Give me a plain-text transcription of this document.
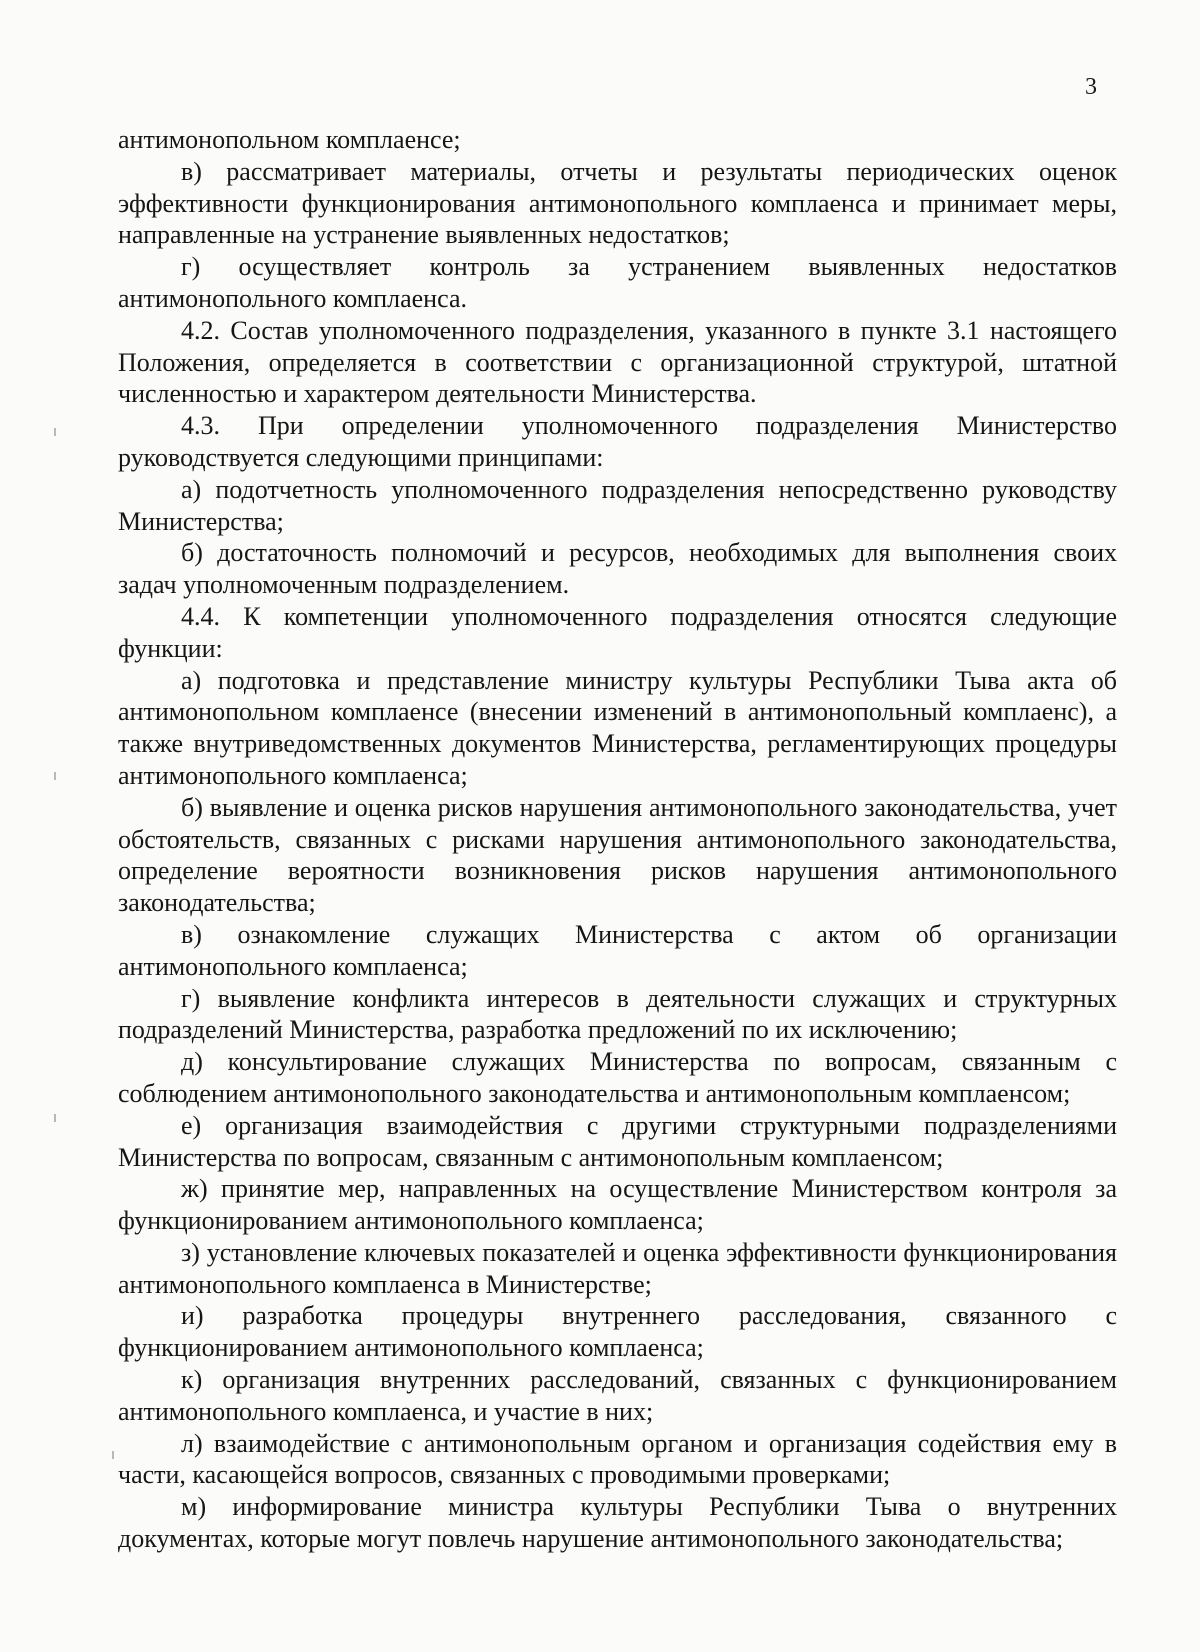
3

антимонопольном комплаенсе;

в) рассматривает материалы, отчеты и результаты периодических оценок эффективности функционирования антимонопольного комплаенса и принимает меры, направленные на устранение выявленных недостатков;

г) осуществляет контроль за устранением выявленных недостатков антимонопольного комплаенса.

4.2. Состав уполномоченного подразделения, указанного в пункте 3.1 настоящего Положения, определяется в соответствии с организационной структурой, штатной численностью и характером деятельности Министерства.

4.3. При определении уполномоченного подразделения Министерство руководствуется следующими принципами:

а) подотчетность уполномоченного подразделения непосредственно руководству Министерства;

б) достаточность полномочий и ресурсов, необходимых для выполнения своих задач уполномоченным подразделением.

4.4. К компетенции уполномоченного подразделения относятся следующие функции:

а) подготовка и представление министру культуры Республики Тыва акта об антимонопольном комплаенсе (внесении изменений в антимонопольный комплаенс), а также внутриведомственных документов Министерства, регламентирующих процедуры антимонопольного комплаенса;

б) выявление и оценка рисков нарушения антимонопольного законодательства, учет обстоятельств, связанных с рисками нарушения антимонопольного законодательства, определение вероятности возникновения рисков нарушения антимонопольного законодательства;

в) ознакомление служащих Министерства с актом об организации антимонопольного комплаенса;

г) выявление конфликта интересов в деятельности служащих и структурных подразделений Министерства, разработка предложений по их исключению;

д) консультирование служащих Министерства по вопросам, связанным с соблюдением антимонопольного законодательства и антимонопольным комплаенсом;

е) организация взаимодействия с другими структурными подразделениями Министерства по вопросам, связанным с антимонопольным комплаенсом;

ж) принятие мер, направленных на осуществление Министерством контроля за функционированием антимонопольного комплаенса;

з) установление ключевых показателей и оценка эффективности функционирования антимонопольного комплаенса в Министерстве;

и) разработка процедуры внутреннего расследования, связанного с функционированием антимонопольного комплаенса;

к) организация внутренних расследований, связанных с функционированием антимонопольного комплаенса, и участие в них;

л) взаимодействие с антимонопольным органом и организация содействия ему в части, касающейся вопросов, связанных с проводимыми проверками;

м) информирование министра культуры Республики Тыва о внутренних документах, которые могут повлечь нарушение антимонопольного законодательства;
